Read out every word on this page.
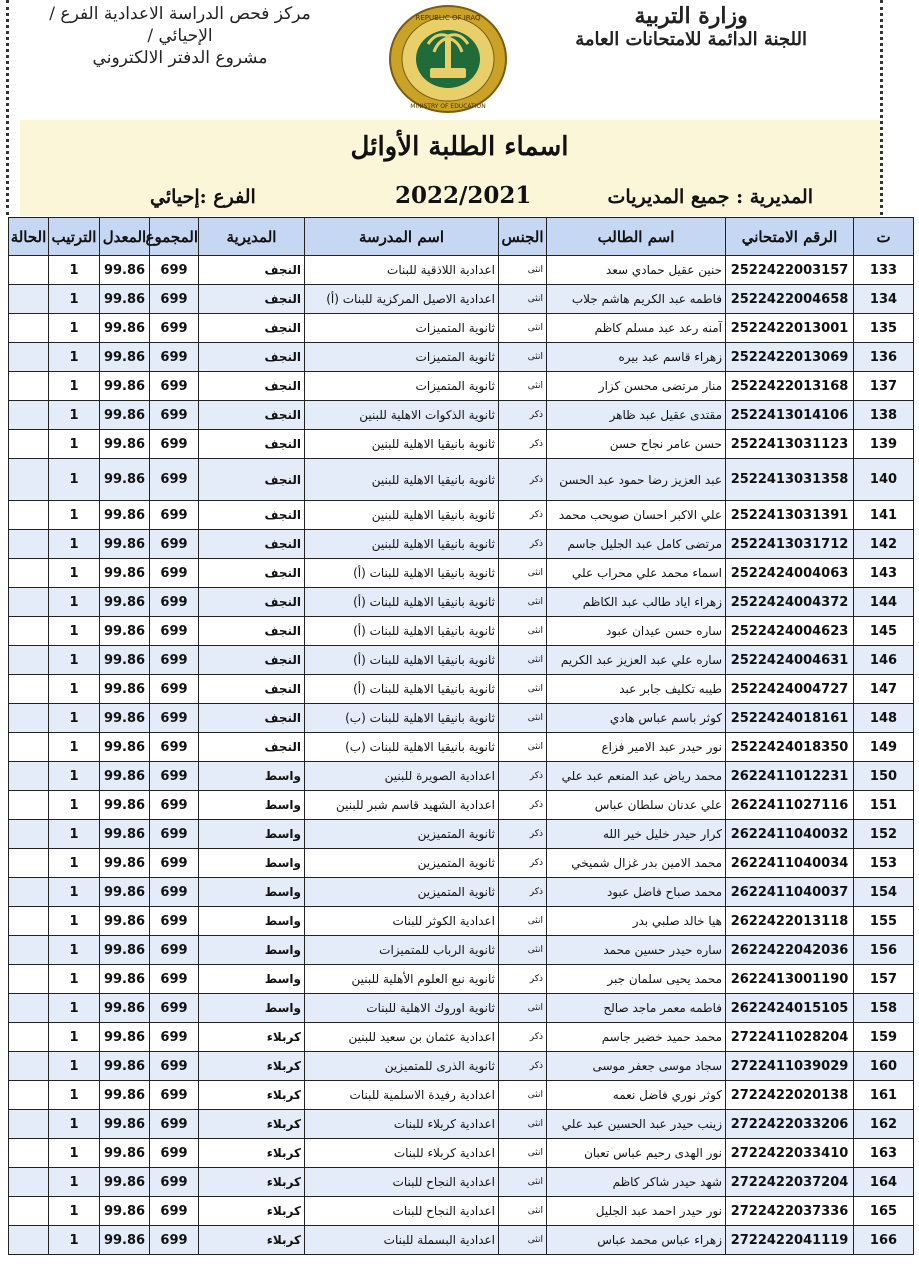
وزارة التربية
اللجنة الدائمة للامتحانات العامة
مركز فحص الدراسة الاعدادية الفرع / الإحيائي /
مشروع الدفتر الالكتروني
REPUBLIC OF IRAQ
MINISTRY OF EDUCATION
اسماء الطلبة الأوائل
المديرية : جميع المديريات
2022/2021
الفرع :إحيائي
ت	الرقم الامتحاني	اسم الطالب	الجنس	اسم المدرسة	المديرية	المجموع	المعدل	الترتيب	الحالة
133	2522422003157	حنين عقيل حمادي سعد	انثى	اعدادية اللاذقية للبنات	النجف	699	99.86	1	
134	2522422004658	فاطمه عبد الكريم هاشم جلاب	انثى	اعدادية الاصيل المركزية للبنات (أ)	النجف	699	99.86	1	
135	2522422013001	آمنه رعد عبد مسلم كاظم	انثى	ثانوية المتميزات	النجف	699	99.86	1	
136	2522422013069	زهراء قاسم عبد بيره	انثى	ثانوية المتميزات	النجف	699	99.86	1	
137	2522422013168	منار مرتضى محسن كزار	انثى	ثانوية المتميزات	النجف	699	99.86	1	
138	2522413014106	مقتدى عقيل عبد ظاهر	ذكر	ثانوية الذكوات الاهلية للبنين	النجف	699	99.86	1	
139	2522413031123	حسن عامر نجاح حسن	ذكر	ثانوية بانيقيا الاهلية للبنين	النجف	699	99.86	1	
140	2522413031358	عبد العزيز رضا حمود عبد الحسن	ذكر	ثانوية بانيقيا الاهلية للبنين	النجف	699	99.86	1	
141	2522413031391	علي الاكبر احسان صويحب محمد	ذكر	ثانوية بانيقيا الاهلية للبنين	النجف	699	99.86	1	
142	2522413031712	مرتضى كامل عبد الجليل جاسم	ذكر	ثانوية بانيقيا الاهلية للبنين	النجف	699	99.86	1	
143	2522424004063	اسماء محمد علي محراب علي	انثى	ثانوية بانيقيا الاهلية للبنات (أ)	النجف	699	99.86	1	
144	2522424004372	زهراء اياد طالب عبد الكاظم	انثى	ثانوية بانيقيا الاهلية للبنات (أ)	النجف	699	99.86	1	
145	2522424004623	ساره حسن عيدان عبود	انثى	ثانوية بانيقيا الاهلية للبنات (أ)	النجف	699	99.86	1	
146	2522424004631	ساره علي عبد العزيز عبد الكريم	انثى	ثانوية بانيقيا الاهلية للبنات (أ)	النجف	699	99.86	1	
147	2522424004727	طيبه تكليف جابر عبد	انثى	ثانوية بانيقيا الاهلية للبنات (أ)	النجف	699	99.86	1	
148	2522424018161	كوثر باسم عباس هادي	انثى	ثانوية بانيقيا الاهلية للبنات (ب)	النجف	699	99.86	1	
149	2522424018350	نور حيدر عبد الامير فزاع	انثى	ثانوية بانيقيا الاهلية للبنات (ب)	النجف	699	99.86	1	
150	2622411012231	محمد رياض عبد المنعم عبد علي	ذكر	اعدادية الصويرة للبنين	واسط	699	99.86	1	
151	2622411027116	علي عدنان سلطان عباس	ذكر	اعدادية الشهيد قاسم شبر للبنين	واسط	699	99.86	1	
152	2622411040032	كرار حيدر خليل خير الله	ذكر	ثانوية المتميزين	واسط	699	99.86	1	
153	2622411040034	محمد الامين بدر غزال شميخي	ذكر	ثانوية المتميزين	واسط	699	99.86	1	
154	2622411040037	محمد صباح فاضل عبود	ذكر	ثانوية المتميزين	واسط	699	99.86	1	
155	2622422013118	هيا خالد صلبي بدر	انثى	اعدادية الكوثر للبنات	واسط	699	99.86	1	
156	2622422042036	ساره حيدر حسين محمد	انثى	ثانوية الرباب للمتميزات	واسط	699	99.86	1	
157	2622413001190	محمد يحيى سلمان جبر	ذكر	ثانوية نبع العلوم الأهلية للبنين	واسط	699	99.86	1	
158	2622424015105	فاطمه معمر ماجد صالح	انثى	ثانوية اوروك الاهلية للبنات	واسط	699	99.86	1	
159	2722411028204	محمد حميد خضير جاسم	ذكر	اعدادية عثمان بن سعيد للبنين	كربلاء	699	99.86	1	
160	2722411039029	سجاد موسى جعفر موسى	ذكر	ثانوية الذرى للمتميزين	كربلاء	699	99.86	1	
161	2722422020138	كوثر نوري فاضل نعمه	انثى	اعدادية رفيدة الاسلمية للبنات	كربلاء	699	99.86	1	
162	2722422033206	زينب حيدر عبد الحسين عبد علي	انثى	اعدادية كربلاء للبنات	كربلاء	699	99.86	1	
163	2722422033410	نور الهدى رحيم عباس تعبان	انثى	اعدادية كربلاء للبنات	كربلاء	699	99.86	1	
164	2722422037204	شهد حيدر شاكر كاظم	انثى	اعدادية النجاح للبنات	كربلاء	699	99.86	1	
165	2722422037336	نور حيدر احمد عبد الجليل	انثى	اعدادية النجاح للبنات	كربلاء	699	99.86	1	
166	2722422041119	زهراء عباس محمد عباس	انثى	اعدادية البسملة للبنات	كربلاء	699	99.86	1	
